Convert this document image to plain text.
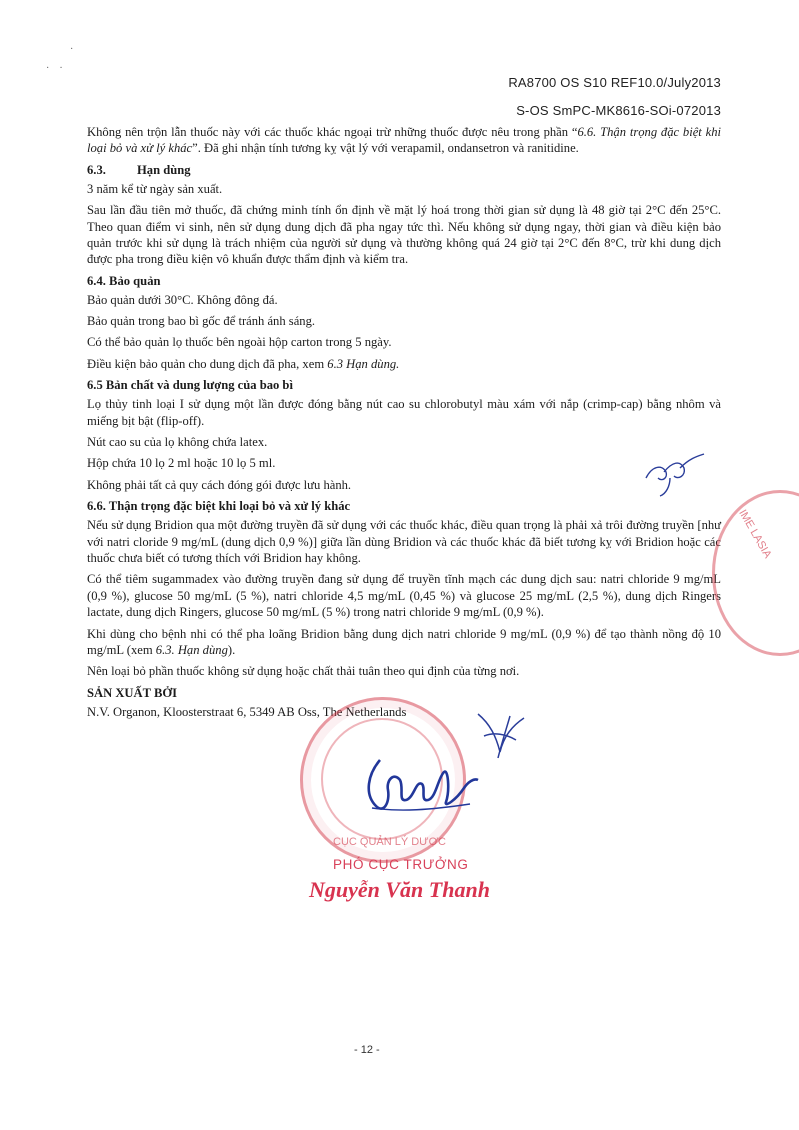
·
·    ·
RA8700 OS S10 REF10.0/July2013
S-OS SmPC-MK8616-SOi-072013

Không nên trộn lẫn thuốc này với các thuốc khác ngoại trừ những thuốc được nêu trong phần “6.6. Thận trọng đặc biệt khi loại bỏ và xử lý khác”. Đã ghi nhận tính tương kỵ vật lý với verapamil, ondansetron và ranitidine.

6.3. Hạn dùng

3 năm kể từ ngày sản xuất.

Sau lần đầu tiên mở thuốc, đã chứng minh tính ổn định về mặt lý hoá trong thời gian sử dụng là 48 giờ tại 2°C đến 25°C. Theo quan điểm vi sinh, nên sử dụng dung dịch đã pha ngay tức thì. Nếu không sử dụng ngay, thời gian và điều kiện bảo quản trước khi sử dụng là trách nhiệm của người sử dụng và thường không quá 24 giờ tại 2°C đến 8°C, trừ khi dung dịch được pha trong điều kiện vô khuẩn được thẩm định và kiểm tra.

6.4. Bảo quản

Bảo quản dưới 30°C. Không đông đá.

Bảo quản trong bao bì gốc để tránh ánh sáng.

Có thể bảo quản lọ thuốc bên ngoài hộp carton trong 5 ngày.

Điều kiện bảo quản cho dung dịch đã pha, xem 6.3 Hạn dùng.

6.5 Bản chất và dung lượng của bao bì

Lọ thủy tinh loại I sử dụng một lần được đóng bằng nút cao su chlorobutyl màu xám với nắp (crimp-cap) bằng nhôm và miếng bịt bật (flip-off).

Nút cao su của lọ không chứa latex.

Hộp chứa 10 lọ 2 ml hoặc 10 lọ 5 ml.

Không phải tất cả quy cách đóng gói được lưu hành.

6.6. Thận trọng đặc biệt khi loại bỏ và xử lý khác

Nếu sử dụng Bridion qua một đường truyền đã sử dụng với các thuốc khác, điều quan trọng là phải xả trôi đường truyền [như với natri cloride 9 mg/mL (dung dịch 0,9 %)] giữa lần dùng Bridion và các thuốc khác đã biết tương kỵ với Bridion hoặc các thuốc chưa biết có tương thích với Bridion hay không.

Có thể tiêm sugammadex vào đường truyền đang sử dụng để truyền tĩnh mạch các dung dịch sau: natri chloride 9 mg/mL (0,9 %), glucose 50 mg/mL (5 %), natri chloride 4,5 mg/mL (0,45 %) và glucose 25 mg/mL (2,5 %), dung dịch Ringers lactate, dung dịch Ringers, glucose 50 mg/mL (5 %) trong natri chloride 9 mg/mL (0,9 %).

Khi dùng cho bệnh nhi có thể pha loãng Bridion bằng dung dịch natri chloride 9 mg/mL (0,9 %) để tạo thành nồng độ 10 mg/mL (xem 6.3. Hạn dùng).

Nên loại bỏ phần thuốc không sử dụng hoặc chất thải tuân theo qui định của từng nơi.

SẢN XUẤT BỞI

N.V. Organon, Kloosterstraat 6, 5349 AB Oss, The Netherlands

IME LASIA
CỤC QUẢN LÝ DƯỢC
PHÓ CỤC TRƯỞNG
Nguyễn Văn Thanh
- 12 -
